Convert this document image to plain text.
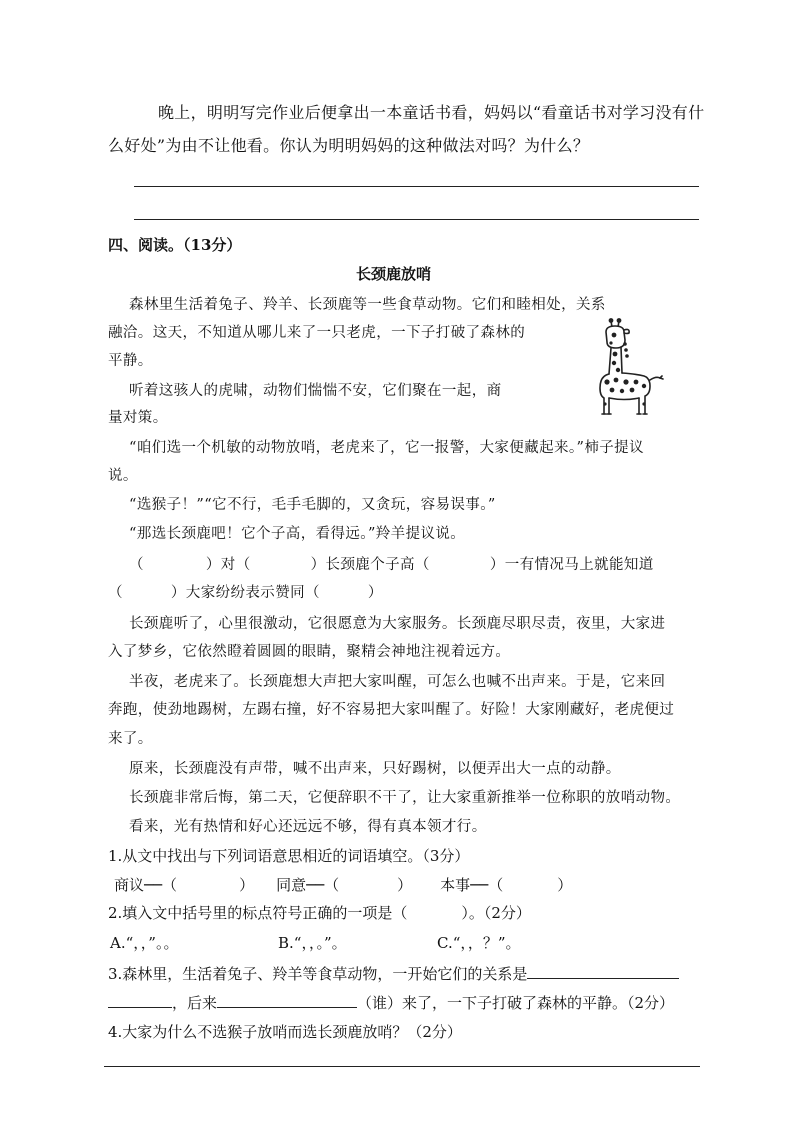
晚上，明明写完作业后便拿出一本童话书看，妈妈以“看童话书对学习没有什
么好处”为由不让他看。你认为明明妈妈的这种做法对吗？为什么？
四、阅读。（13分）
长颈鹿放哨
森林里生活着兔子、羚羊、长颈鹿等一些食草动物。它们和睦相处，关系
融洽。这天，不知道从哪儿来了一只老虎，一下子打破了森林的
平静。
听着这骇人的虎啸，动物们惴惴不安，它们聚在一起，商
量对策。
“咱们选一个机敏的动物放哨，老虎来了，它一报警，大家便藏起来。”柿子提议
说。
“选猴子！”“它不行，毛手毛脚的，又贪玩，容易误事。”
“那选长颈鹿吧！它个子高，看得远。”羚羊提议说。
（	）对（	）长颈鹿个子高（	）一有情况马上就能知道
（	）大家纷纷表示赞同（	）
长颈鹿听了，心里很激动，它很愿意为大家服务。长颈鹿尽职尽责，夜里，大家进
入了梦乡，它依然瞪着圆圆的眼睛，聚精会神地注视着远方。
半夜，老虎来了。长颈鹿想大声把大家叫醒，可怎么也喊不出声来。于是，它来回
奔跑，使劲地踢树，左踢右撞，好不容易把大家叫醒了。好险！大家刚藏好，老虎便过
来了。
原来，长颈鹿没有声带，喊不出声来，只好踢树，以便弄出大一点的动静。
长颈鹿非常后悔，第二天，它便辞职不干了，让大家重新推举一位称职的放哨动物。
看来，光有热情和好心还远远不够，得有真本领才行。
1.从文中找出与下列词语意思相近的词语填空。（3分）
商议──（	） 同意──（	） 本事──（	）
2.填入文中括号里的标点符号正确的一项是（	）。（2分）
A.“，，”。。	B.“，，。”。	C.“，，？”。
3.森林里，生活着兔子、羚羊等食草动物，一开始它们的关系是
，后来	（谁）来了，一下子打破了森林的平静。（2分）
4.大家为什么不选猴子放哨而选长颈鹿放哨？（2分）
